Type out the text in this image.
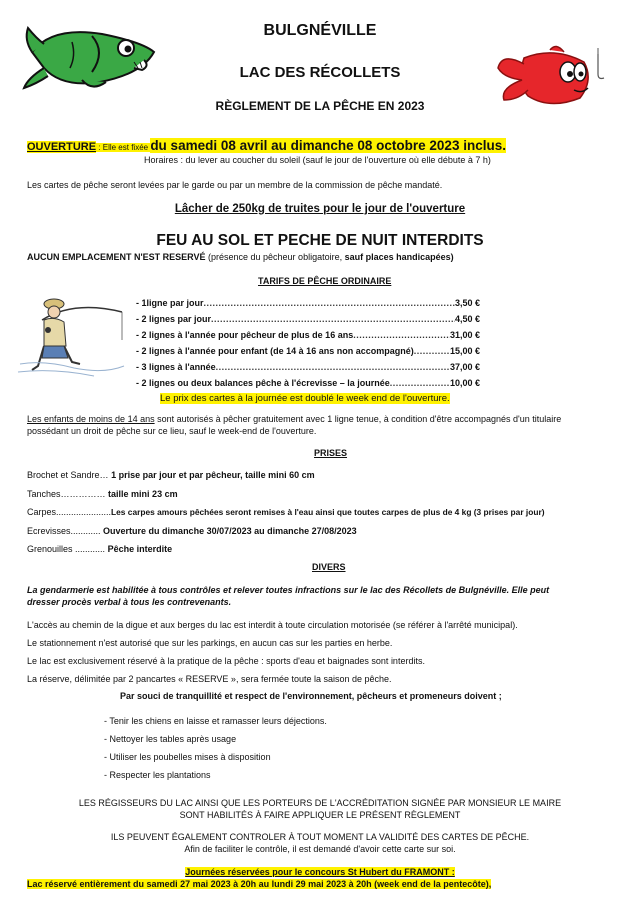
BULGNÉVILLE
LAC DES RÉCOLLETS
RÈGLEMENT DE LA PÊCHE EN 2023
OUVERTURE : Elle est fixée du samedi 08 avril au dimanche 08 octobre 2023 inclus.
Horaires : du lever au coucher du soleil (sauf le jour de l'ouverture où elle débute à 7 h)
Les cartes de pêche seront levées par le garde ou par un membre de la commission de pêche mandaté.
Lâcher de 250kg de truites pour le jour de l'ouverture
FEU AU SOL ET PECHE DE NUIT INTERDITS
AUCUN EMPLACEMENT N'EST RESERVÉ (présence du pêcheur obligatoire, sauf places handicapées)
TARIFS DE PÊCHE ORDINAIRE
- 1ligne par jour .....	3,50 €
- 2 lignes par jour .....	4,50 €
- 2 lignes à l'année pour pêcheur de plus de 16 ans .....	31,00 €
- 2 lignes à l'année pour enfant (de 14 à 16 ans non accompagné) .....	15,00 €
- 3 lignes à l'année .....	37,00 €
- 2 lignes ou deux balances pêche à l'écrevisse – la journée .....	10,00 €
Le prix des cartes à la journée est doublé le week end de l'ouverture.
Les enfants de moins de 14 ans sont autorisés à pêcher gratuitement avec 1 ligne tenue, à condition d'être accompagnés d'un titulaire
possédant un droit de pêche sur ce lieu, sauf le week-end de l'ouverture.
PRISES
Brochet et Sandre… 1 prise par jour et par pêcheur, taille mini 60 cm
Tanches…………… taille mini 23 cm
Carpes......................Les carpes amours pêchées seront remises à l'eau ainsi que toutes carpes de plus de 4 kg (3 prises par jour)
Ecrevisses............ Ouverture du dimanche 30/07/2023 au dimanche 27/08/2023
Grenouilles ............ Pêche interdite
DIVERS
La gendarmerie est habilitée à tous contrôles et relever toutes infractions sur le lac des Récollets de Bulgnéville. Elle peut
dresser procès verbal à tous les contrevenants.
L'accès au chemin de la digue et aux berges du lac est interdit à toute circulation motorisée (se référer à l'arrêté municipal).
Le stationnement n'est autorisé que sur les parkings, en aucun cas sur les parties en herbe.
Le lac est exclusivement réservé à la pratique de la pêche : sports d'eau et baignades sont interdits.
La réserve, délimitée par 2 pancartes « RESERVE », sera fermée toute la saison de pêche.
Par souci de tranquillité et respect de l'environnement, pêcheurs et promeneurs doivent ;
- Tenir les chiens en laisse et ramasser leurs déjections.
- Nettoyer les tables après usage
- Utiliser les poubelles mises à disposition
- Respecter les plantations
LES RÉGISSEURS DU LAC AINSI QUE LES PORTEURS DE L'ACCRÉDITATION SIGNÉE PAR MONSIEUR LE MAIRE
SONT HABILITÉS À FAIRE APPLIQUER LE PRÉSENT RÈGLEMENT
ILS PEUVENT ÉGALEMENT CONTROLER À TOUT MOMENT LA VALIDITÉ DES CARTES DE PÊCHE.
Afin de faciliter le contrôle, il est demandé d'avoir cette carte sur soi.
Journées réservées pour le concours St Hubert du FRAMONT :
Lac réservé entièrement du samedi 27 mai 2023 à 20h au lundi 29 mai 2023 à 20h (week end de la pentecôte),
